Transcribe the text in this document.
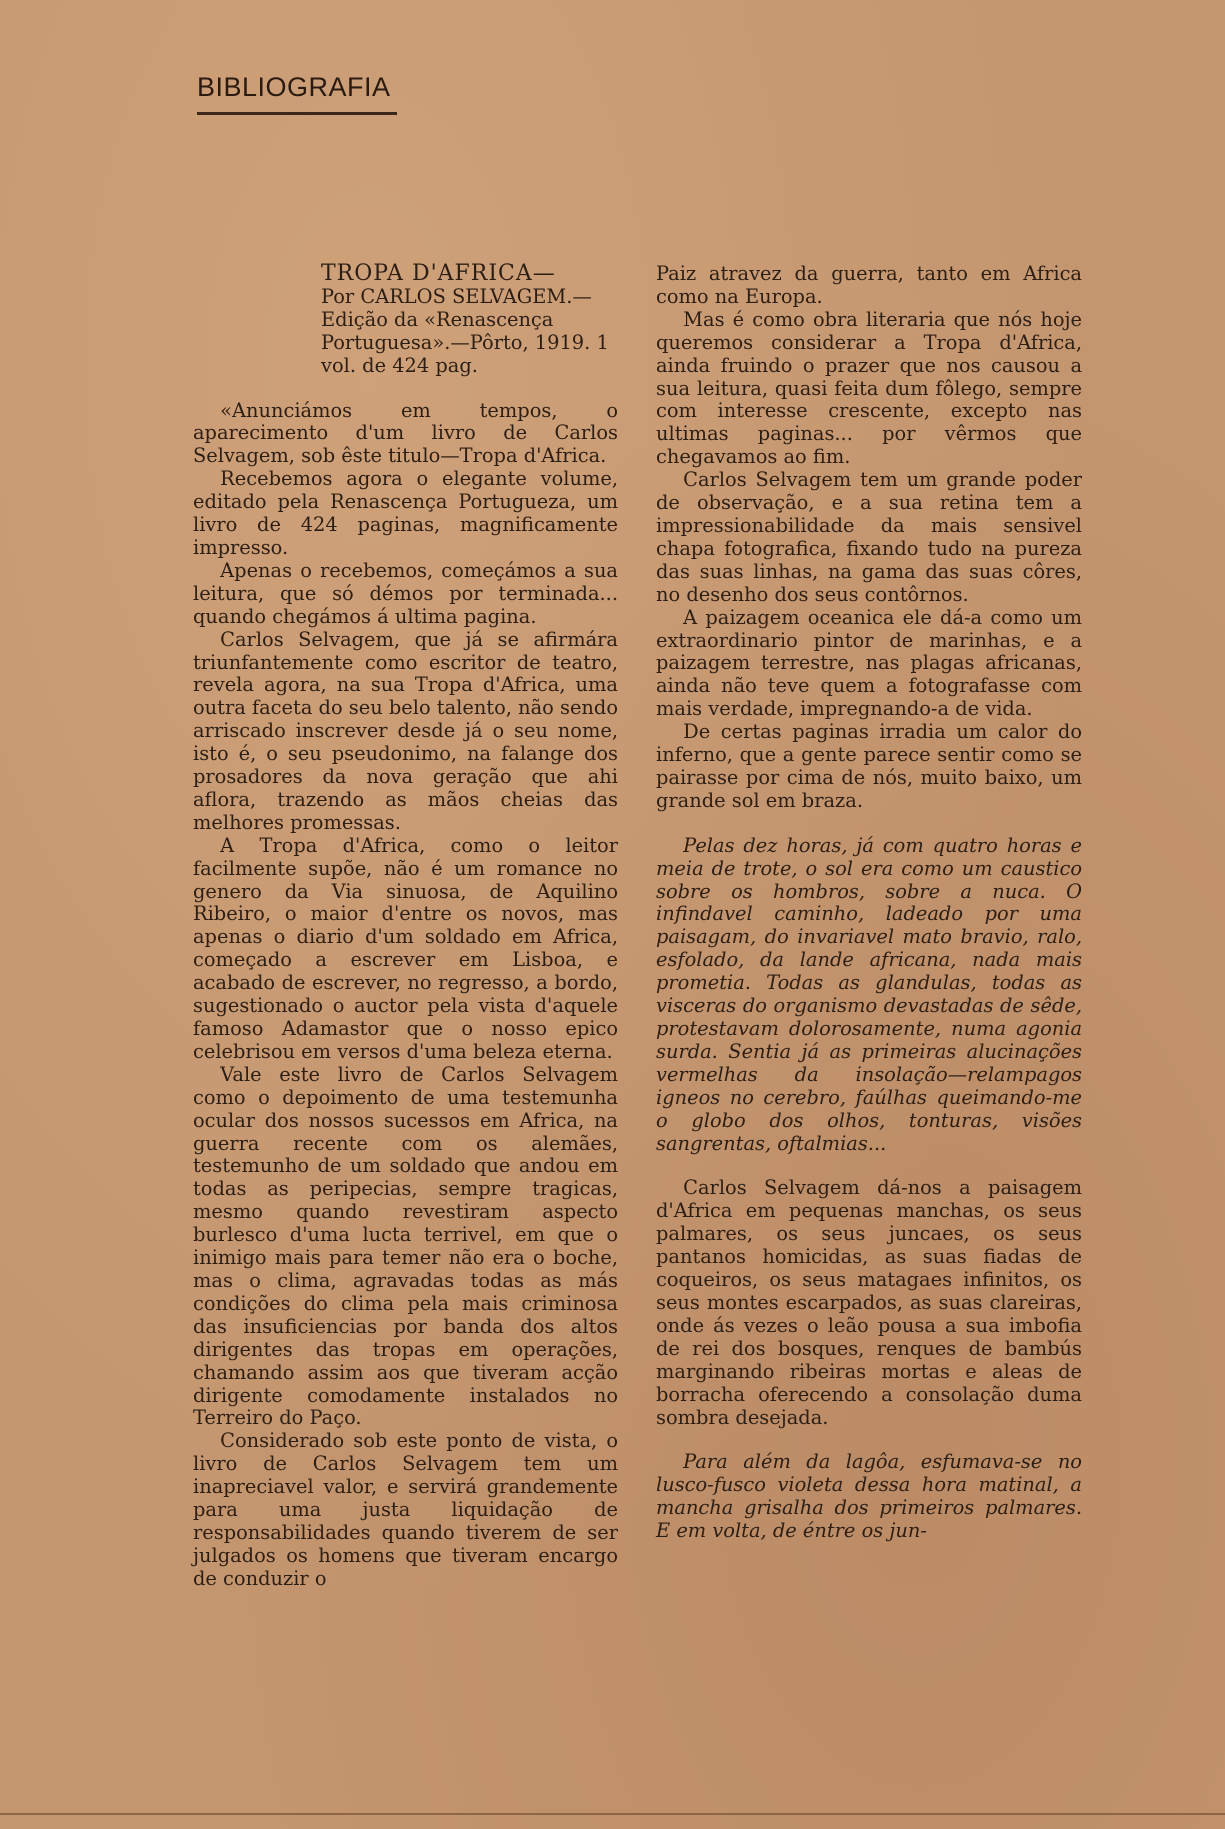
BIBLIOGRAFIA
TROPA D'AFRICA—
Por CARLOS SELVAGEM.—
Edição da «Renascença Portuguesa».—Pôrto, 1919. 1 vol. de 424 pag.

«Anunciámos em tempos, o aparecimento d'um livro de Carlos Selvagem, sob êste titulo—Tropa d'Africa.

Recebemos agora o elegante volume, editado pela Renascença Portugueza, um livro de 424 paginas, magnificamente impresso.

Apenas o recebemos, começámos a sua leitura, que só démos por terminada... quando chegámos á ultima pagina.

Carlos Selvagem, que já se afirmára triunfantemente como escritor de teatro, revela agora, na sua Tropa d'Africa, uma outra faceta do seu belo talento, não sendo arriscado inscrever desde já o seu nome, isto é, o seu pseudonimo, na falange dos prosadores da nova geração que ahi aflora, trazendo as mãos cheias das melhores promessas.

A Tropa d'Africa, como o leitor facilmente supõe, não é um romance no genero da Via sinuosa, de Aquilino Ribeiro, o maior d'entre os novos, mas apenas o diario d'um soldado em Africa, começado a escrever em Lisboa, e acabado de escrever, no regresso, a bordo, sugestionado o auctor pela vista d'aquele famoso Adamastor que o nosso epico celebrisou em versos d'uma beleza eterna.

Vale este livro de Carlos Selvagem como o depoimento de uma testemunha ocular dos nossos sucessos em Africa, na guerra recente com os alemães, testemunho de um soldado que andou em todas as peripecias, sempre tragicas, mesmo quando revestiram aspecto burlesco d'uma lucta terrivel, em que o inimigo mais para temer não era o boche, mas o clima, agravadas todas as más condições do clima pela mais criminosa das insuficiencias por banda dos altos dirigentes das tropas em operações, chamando assim aos que tiveram acção dirigente comodamente instalados no Terreiro do Paço.

Considerado sob este ponto de vista, o livro de Carlos Selvagem tem um inapreciavel valor, e servirá grandemente para uma justa liquidação de responsabilidades quando tiverem de ser julgados os homens que tiveram encargo de conduzir o

Paiz atravez da guerra, tanto em Africa como na Europa.

Mas é como obra literaria que nós hoje queremos considerar a Tropa d'Africa, ainda fruindo o prazer que nos causou a sua leitura, quasi feita dum fôlego, sempre com interesse crescente, excepto nas ultimas paginas... por vêrmos que chegavamos ao fim.

Carlos Selvagem tem um grande poder de observação, e a sua retina tem a impressionabilidade da mais sensivel chapa fotografica, fixando tudo na pureza das suas linhas, na gama das suas côres, no desenho dos seus contôrnos.

A paizagem oceanica ele dá-a como um extraordinario pintor de marinhas, e a paizagem terrestre, nas plagas africanas, ainda não teve quem a fotografasse com mais verdade, impregnando-a de vida.

De certas paginas irradia um calor do inferno, que a gente parece sentir como se pairasse por cima de nós, muito baixo, um grande sol em braza.

Pelas dez horas, já com quatro horas e meia de trote, o sol era como um caustico sobre os hombros, sobre a nuca. O infindavel caminho, ladeado por uma paisagam, do invariavel mato bravio, ralo, esfolado, da lande africana, nada mais prometia. Todas as glandulas, todas as visceras do organismo devastadas de sêde, protestavam dolorosamente, numa agonia surda. Sentia já as primeiras alucinações vermelhas da insolação—relampagos igneos no cerebro, faúlhas queimando-me o globo dos olhos, tonturas, visões sangrentas, oftalmias...

Carlos Selvagem dá-nos a paisagem d'Africa em pequenas manchas, os seus palmares, os seus juncaes, os seus pantanos homicidas, as suas fiadas de coqueiros, os seus matagaes infinitos, os seus montes escarpados, as suas clareiras, onde ás vezes o leão pousa a sua imbofia de rei dos bosques, renques de bambús marginando ribeiras mortas e aleas de borracha oferecendo a consolação duma sombra desejada.

Para além da lagôa, esfumava-se no lusco-fusco violeta dessa hora matinal, a mancha grisalha dos primeiros palmares. E em volta, de éntre os jun-
